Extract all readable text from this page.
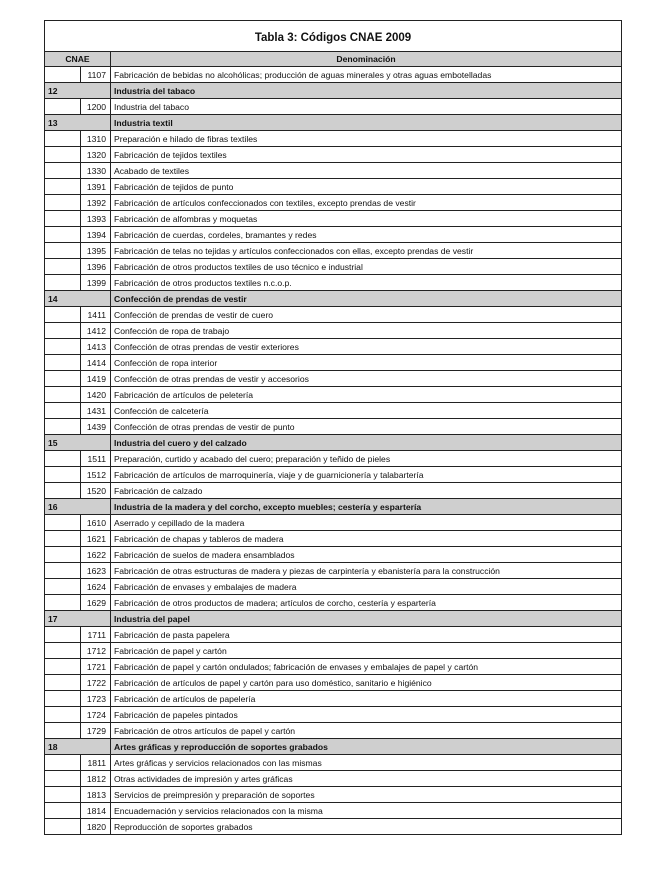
Tabla 3: Códigos CNAE 2009		
CNAE		Denominación
	1107	Fabricación de bebidas no alcohólicas; producción de aguas minerales y otras aguas embotelladas
12		Industria del tabaco
	1200	Industria del tabaco
13		Industria textil
	1310	Preparación e hilado de fibras textiles
	1320	Fabricación de tejidos textiles
	1330	Acabado de textiles
	1391	Fabricación de tejidos de punto
	1392	Fabricación de artículos confeccionados con textiles, excepto prendas de vestir
	1393	Fabricación de alfombras y moquetas
	1394	Fabricación de cuerdas, cordeles, bramantes y redes
	1395	Fabricación de telas no tejidas y artículos confeccionados con ellas, excepto prendas de vestir
	1396	Fabricación de otros productos textiles de uso técnico e industrial
	1399	Fabricación de otros productos textiles n.c.o.p.
14		Confección de prendas de vestir
	1411	Confección de prendas de vestir de cuero
	1412	Confección de ropa de trabajo
	1413	Confección de otras prendas de vestir exteriores
	1414	Confección de ropa interior
	1419	Confección de otras prendas de vestir y accesorios
	1420	Fabricación de artículos de peletería
	1431	Confección de calcetería
	1439	Confección de otras prendas de vestir de punto
15		Industria del cuero y del calzado
	1511	Preparación, curtido y acabado del cuero; preparación y teñido de pieles
	1512	Fabricación de artículos de marroquinería, viaje y de guarnicionería y talabartería
	1520	Fabricación de calzado
16		Industria de la madera y del corcho, excepto muebles; cestería y espartería
	1610	Aserrado y cepillado de la madera
	1621	Fabricación de chapas y tableros de madera
	1622	Fabricación de suelos de madera ensamblados
	1623	Fabricación de otras estructuras de madera y piezas de carpintería y ebanistería para la construcción
	1624	Fabricación de envases y embalajes de madera
	1629	Fabricación de otros productos de madera; artículos de corcho, cestería y espartería
17		Industria del papel
	1711	Fabricación de pasta papelera
	1712	Fabricación de papel y cartón
	1721	Fabricación de papel y cartón ondulados; fabricación de envases y embalajes de papel y cartón
	1722	Fabricación de artículos de papel y cartón para uso doméstico, sanitario e higiénico
	1723	Fabricación de artículos de papelería
	1724	Fabricación de papeles pintados
	1729	Fabricación de otros artículos de papel y cartón
18		Artes gráficas y reproducción de soportes grabados
	1811	Artes gráficas y servicios relacionados con las mismas
	1812	Otras actividades de impresión y artes gráficas
	1813	Servicios de preimpresión y preparación de soportes
	1814	Encuadernación y servicios relacionados con la misma
	1820	Reproducción de soportes grabados
